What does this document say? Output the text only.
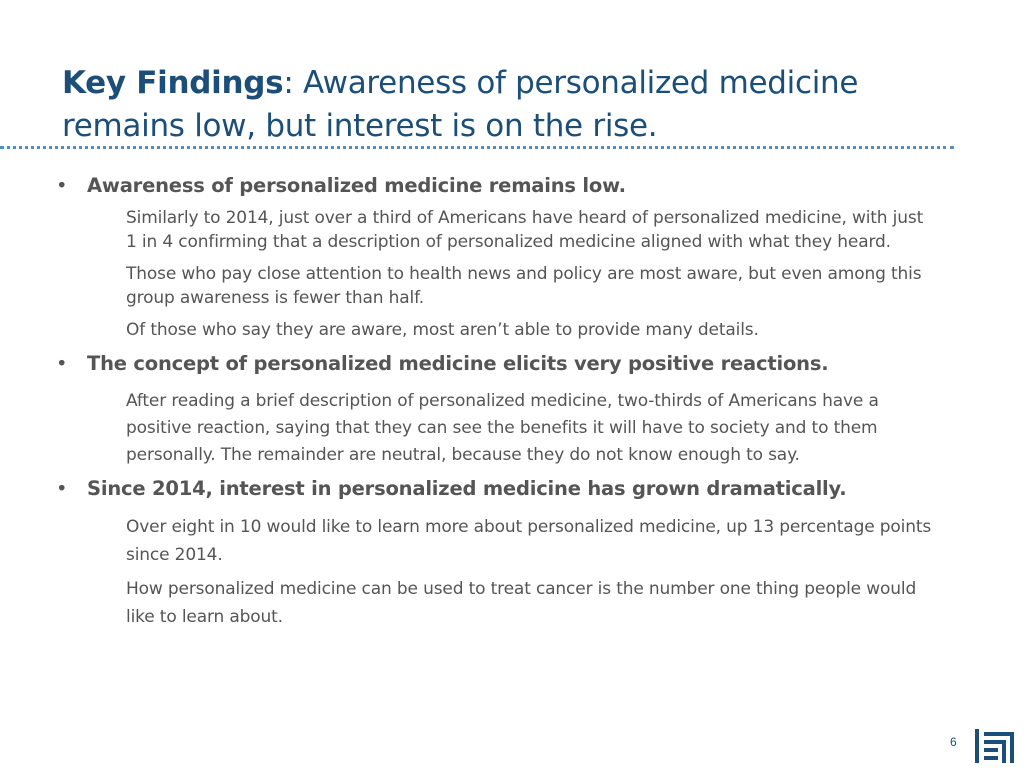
Key Findings: Awareness of personalized medicine remains low, but interest is on the rise.
• Awareness of personalized medicine remains low.
Similarly to 2014, just over a third of Americans have heard of personalized medicine, with just 1 in 4 confirming that a description of personalized medicine aligned with what they heard.
Those who pay close attention to health news and policy are most aware, but even among this group awareness is fewer than half.
Of those who say they are aware, most aren’t able to provide many details.
• The concept of personalized medicine elicits very positive reactions.
After reading a brief description of personalized medicine, two-thirds of Americans have a positive reaction, saying that they can see the benefits it will have to society and to them personally. The remainder are neutral, because they do not know enough to say.
• Since 2014, interest in personalized medicine has grown dramatically.
Over eight in 10 would like to learn more about personalized medicine, up 13 percentage points since 2014.
How personalized medicine can be used to treat cancer is the number one thing people would like to learn about.
6
